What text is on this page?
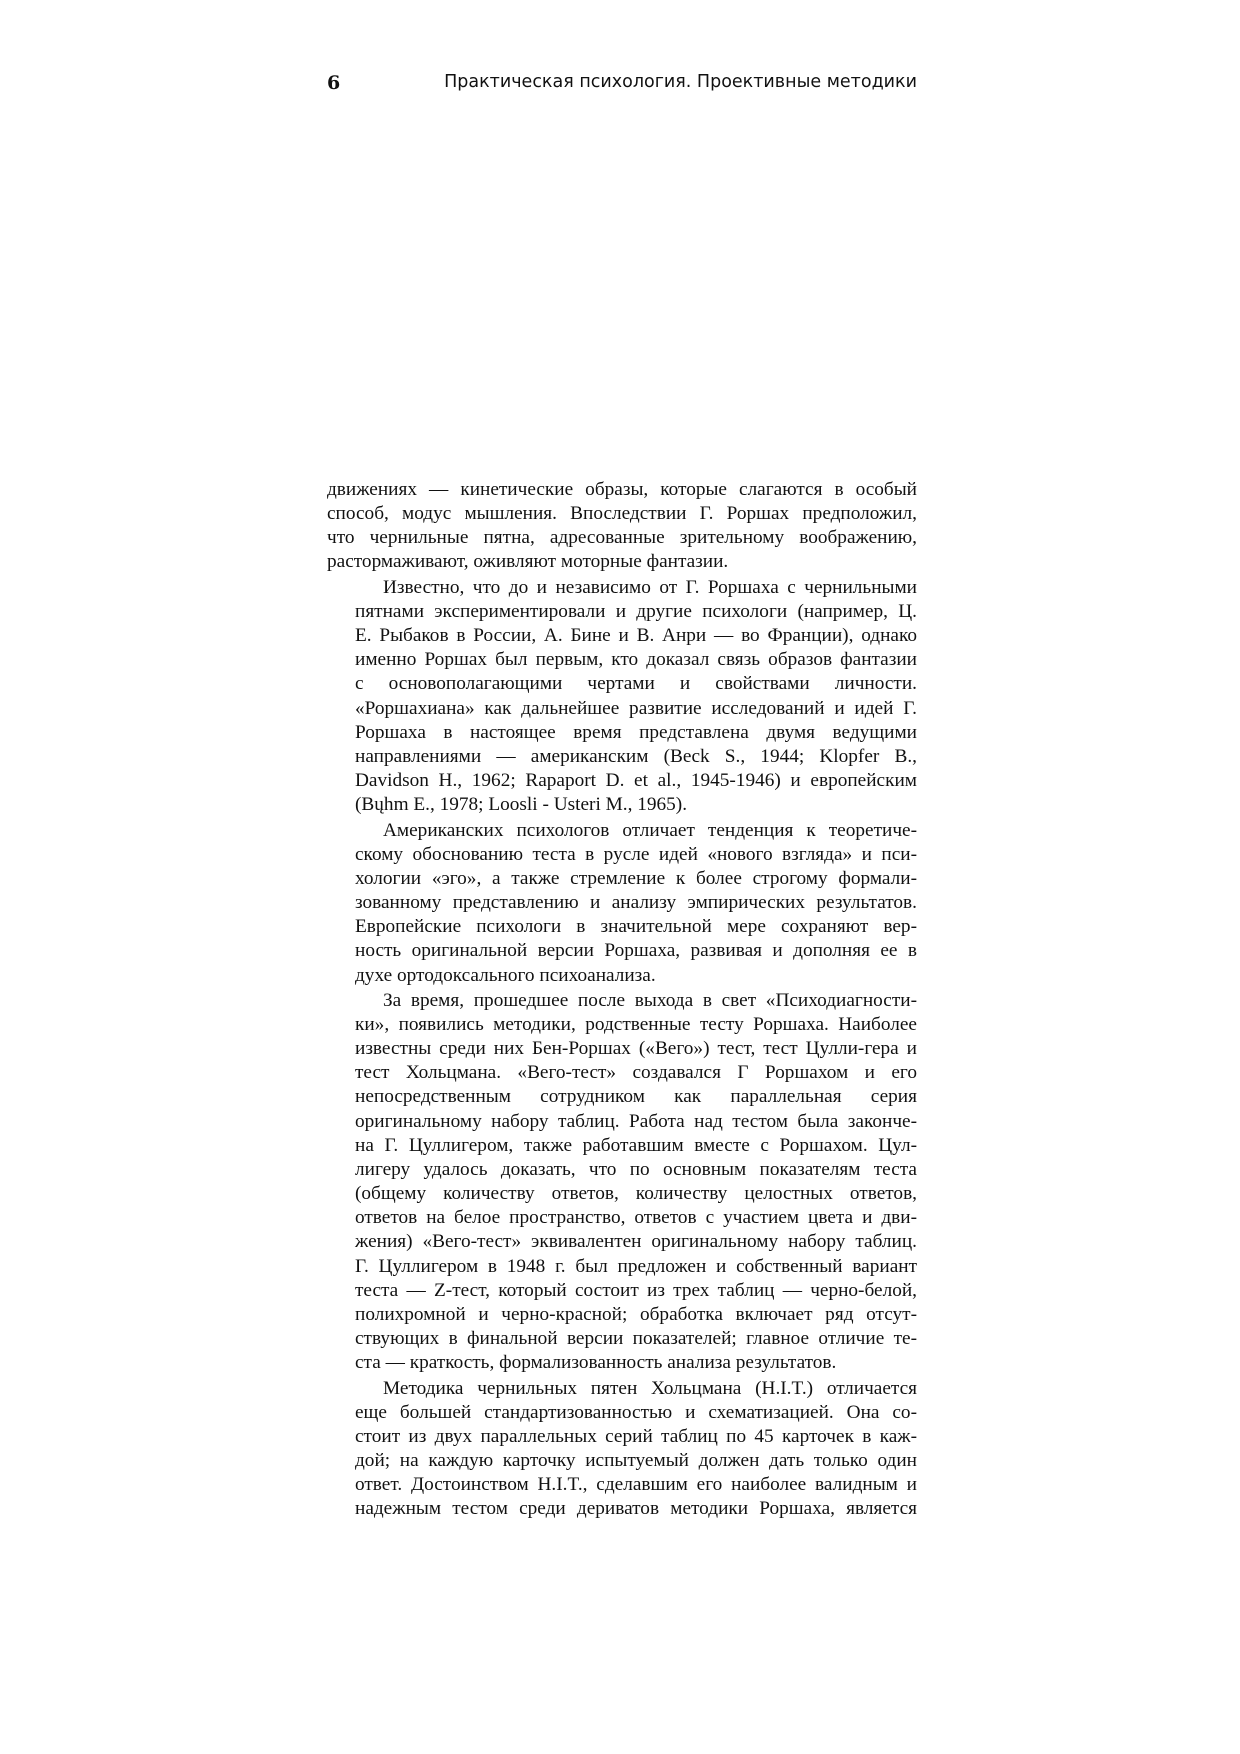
6	Практическая психология. Проективные методики
движениях — кинетические образы, которые слагаются в особый
способ, модус мышления. Впоследствии Г. Роршах предположил,
что чернильные пятна, адресованные зрительному воображению,
растормаживают, оживляют моторные фантазии.
Известно, что до и независимо от Г. Роршаха с чернильными
пятнами экспериментировали и другие психологи (например, Ц.
Е. Рыбаков в России, А. Бине и В. Анри — во Франции), однако
именно Роршах был первым, кто доказал связь образов фантазии
с основополагающими чертами и свойствами личности.
«Роршахиана» как дальнейшее развитие исследований и идей Г.
Роршаха в настоящее время представлена двумя ведущими
направлениями — американским (Beck S., 1944; Klopfer B.,
Davidson H., 1962; Rapaport D. et al., 1945-1946) и европейским
(Bųhm E., 1978; Loosli - Usteri M., 1965).
Американских психологов отличает тенденция к теоретиче-
скому обоснованию теста в русле идей «нового взгляда» и пси-
хологии «эго», а также стремление к более строгому формали-
зованному представлению и анализу эмпирических результатов.
Европейские психологи в значительной мере сохраняют вер-
ность оригинальной версии Роршаха, развивая и дополняя ее в
духе ортодоксального психоанализа.
За время, прошедшее после выхода в свет «Психодиагности-
ки», появились методики, родственные тесту Роршаха. Наиболее
известны среди них Бен-Роршах («Вего») тест, тест Цулли-гера и
тест Хольцмана. «Вего-тест» создавался Г Роршахом и его
непосредственным сотрудником как параллельная серия
оригинальному набору таблиц. Работа над тестом была закончe-
на Г. Цуллигером, также работавшим вместе с Роршахом. Цул-
лигеру удалось доказать, что по основным показателям теста
(общему количеству ответов, количеству целостных ответов,
ответов на белое пространство, ответов с участием цвета и дви-
жения) «Вего-тест» эквивалентен оригинальному набору таблиц.
Г. Цуллигером в 1948 г. был предложен и собственный вариант
теста — Z-тест, который состоит из трех таблиц — черно-белой,
полихромной и черно-красной; обработка включает ряд отсут-
ствующих в финальной версии показателей; главное отличие те-
ста — краткость, формализованность анализа результатов.
Методика чернильных пятен Хольцмана (H.I.T.) отличается
еще большей стандартизованностью и схематизацией. Она со-
стоит из двух параллельных серий таблиц по 45 карточек в каж-
дой; на каждую карточку испытуемый должен дать только один
ответ. Достоинством H.I.T., сделавшим его наиболее валидным и
надежным тестом среди дериватов методики Роршаха, является
